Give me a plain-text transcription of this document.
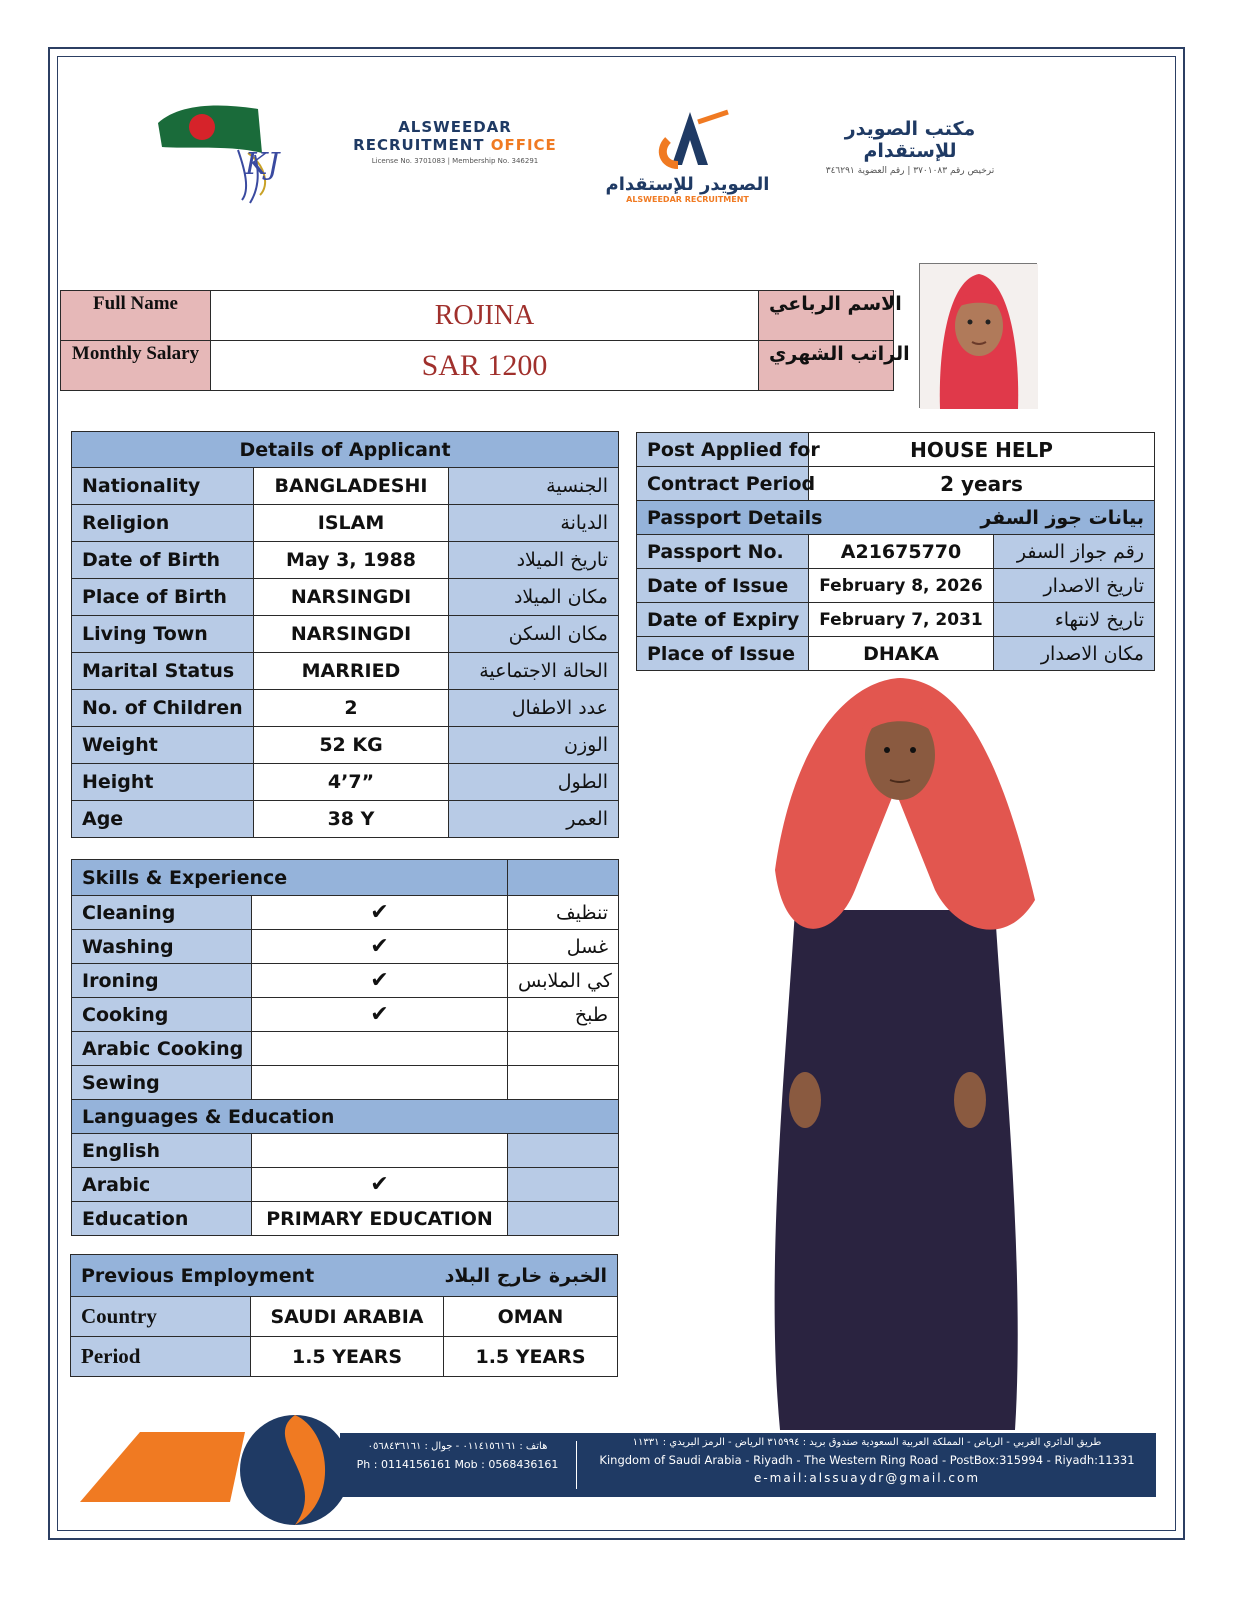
KJ
ALSWEEDAR
RECRUITMENT OFFICE
License No. 3701083 | Membership No. 346291
الصويدر للإستقدام
ALSWEEDAR RECRUITMENT
مكتب الصويدر للإستقدام
ترخيص رقم ٣٧٠١٠٨٣ | رقم العضوية ٣٤٦٢٩١
Full Name	ROJINA	الاسم الرباعي
Monthly Salary	SAR 1200	الراتب الشهري
Details of Applicant		
Nationality	BANGLADESHI	الجنسية
Religion	ISLAM	الديانة
Date of Birth	May 3, 1988	تاريخ الميلاد
Place of Birth	NARSINGDI	مكان الميلاد
Living Town	NARSINGDI	مكان السكن
Marital Status	MARRIED	الحالة الاجتماعية
No. of Children	2	عدد الاطفال
Weight	52 KG	الوزن
Height	4’7”	الطول
Age	38 Y	العمر
Post Applied for	HOUSE HELP	
Contract Period	2 years	
Passport Details بيانات جوز السفر		

Passport No.	A21675770	رقم جواز السفر
Date of Issue	February 8, 2026	تاريخ الاصدار
Date of Expiry	February 7, 2031	تاريخ لانتهاء
Place of Issue	DHAKA	مكان الاصدار
Skills & Experience		
Cleaning	✔	تنظيف
Washing	✔	غسل
Ironing	✔	كي الملابس
Cooking	✔	طبخ
Arabic Cooking		
Sewing		
Languages & Education		
English		
Arabic	✔	
Education	PRIMARY EDUCATION	
Previous Employment الخبرة خارج البلاد		

Country	SAUDI ARABIA	OMAN
Period	1.5 YEARS	1.5 YEARS
هاتف : ٠١١٤١٥٦١٦١ - جوال : ٠٥٦٨٤٣٦١٦١
Ph : 0114156161 Mob : 0568436161
طريق الدائري الغربي - الرياض - المملكة العربية السعودية صندوق بريد : ٣١٥٩٩٤ الرياض - الرمز البريدي : ١١٣٣١
Kingdom of Saudi Arabia - Riyadh - The Western Ring Road - PostBox:315994 - Riyadh:11331
e-mail:alssuaydr@gmail.com
